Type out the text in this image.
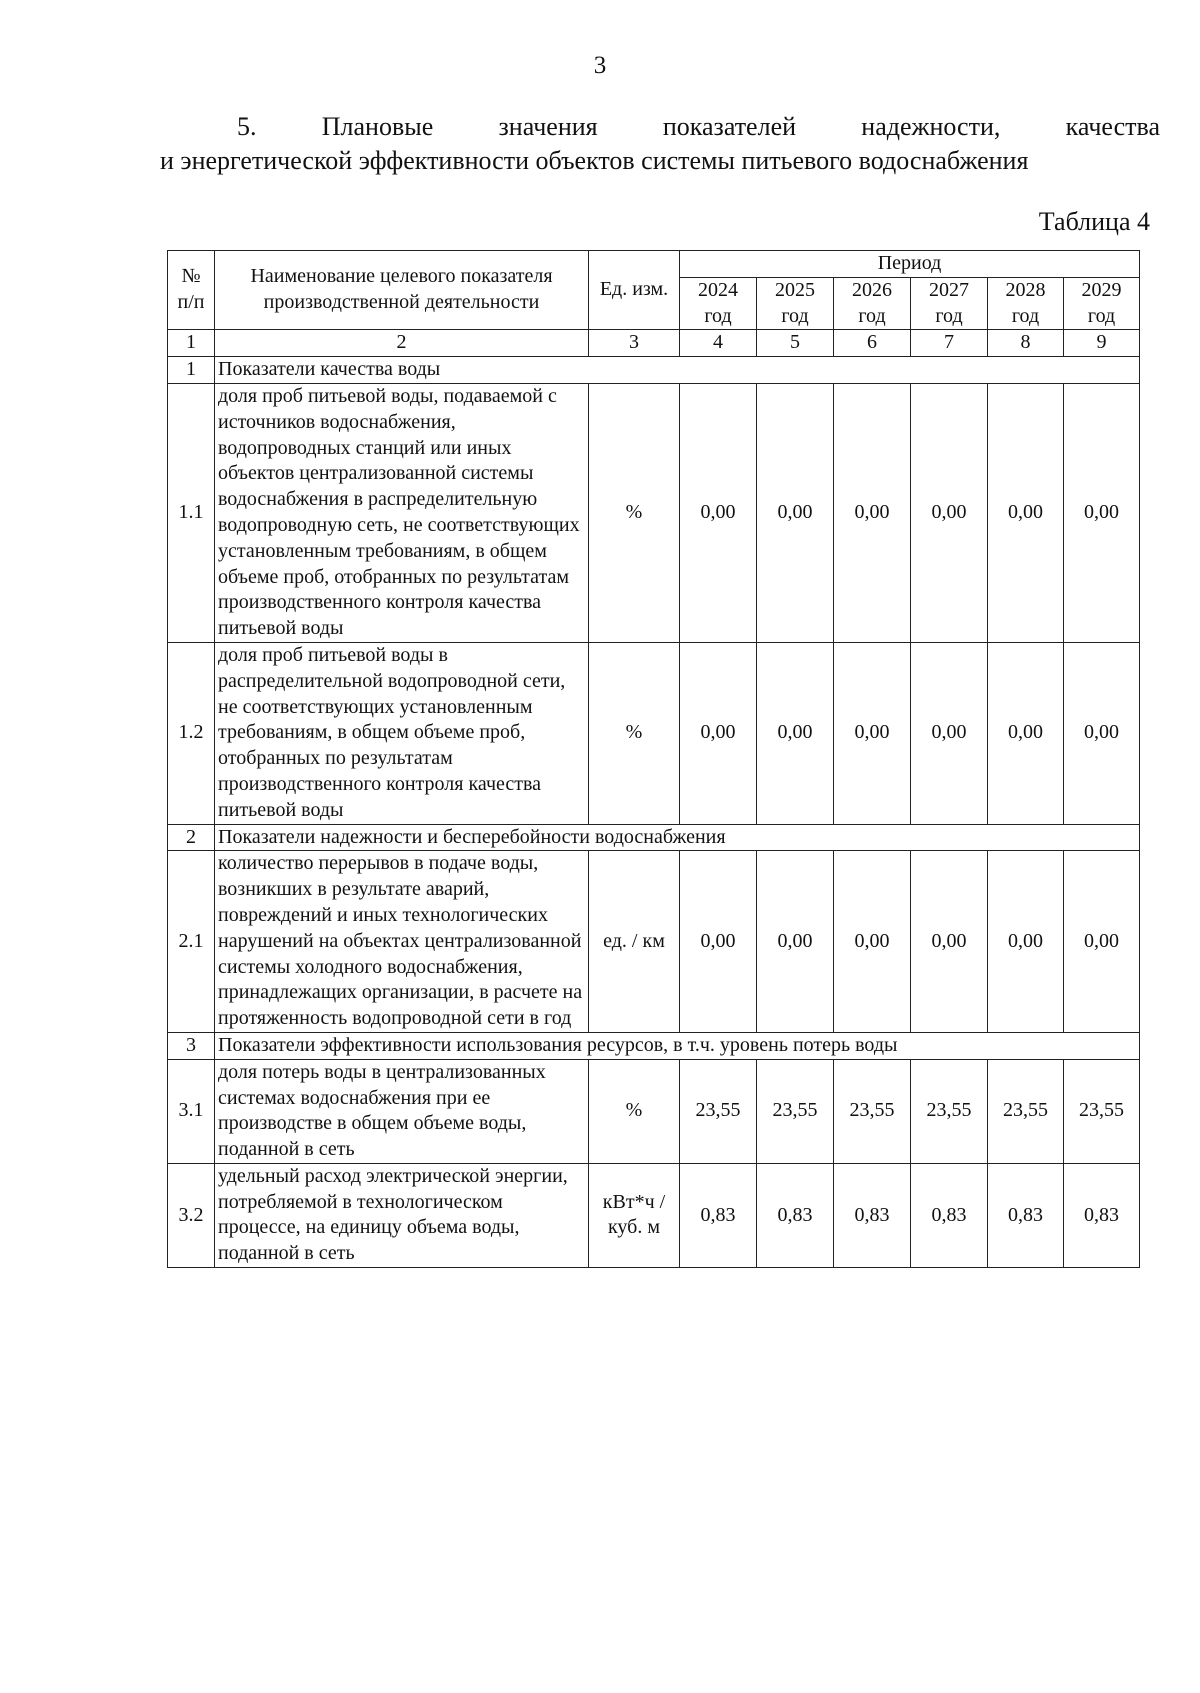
3
5. Плановые значения показателей надежности, качества
и энергетической эффективности объектов системы питьевого водоснабжения
Таблица 4
№ п/п	Наименование целевого показателя производственной деятельности	Ед. изм.	Период					
			2024 год	2025 год	2026 год	2027 год	2028 год	2029 год
1	2	3	4	5	6	7	8	9
1	Показатели качества воды							
1.1	доля проб питьевой воды, подаваемой с источников водоснабжения, водопроводных станций или иных объектов централизованной системы водоснабжения в распределительную водопроводную сеть, не соответствующих установленным требованиям, в общем объеме проб, отобранных по результатам производственного контроля качества питьевой воды	%	0,00	0,00	0,00	0,00	0,00	0,00
1.2	доля проб питьевой воды в распределительной водопроводной сети, не соответствующих установленным требованиям, в общем объеме проб, отобранных по результатам производственного контроля качества питьевой воды	%	0,00	0,00	0,00	0,00	0,00	0,00
2	Показатели надежности и бесперебойности водоснабжения							
2.1	количество перерывов в подаче воды, возникших в результате аварий, повреждений и иных технологических нарушений на объектах централизованной системы холодного водоснабжения, принадлежащих организации, в расчете на протяженность водопроводной сети в год	ед. / км	0,00	0,00	0,00	0,00	0,00	0,00
3	Показатели эффективности использования ресурсов, в т.ч. уровень потерь воды							
3.1	доля потерь воды в централизованных системах водоснабжения при ее производстве в общем объеме воды, поданной в сеть	%	23,55	23,55	23,55	23,55	23,55	23,55
3.2	удельный расход электрической энергии, потребляемой в технологическом процессе, на единицу объема воды, поданной в сеть	кВт*ч / куб. м	0,83	0,83	0,83	0,83	0,83	0,83
